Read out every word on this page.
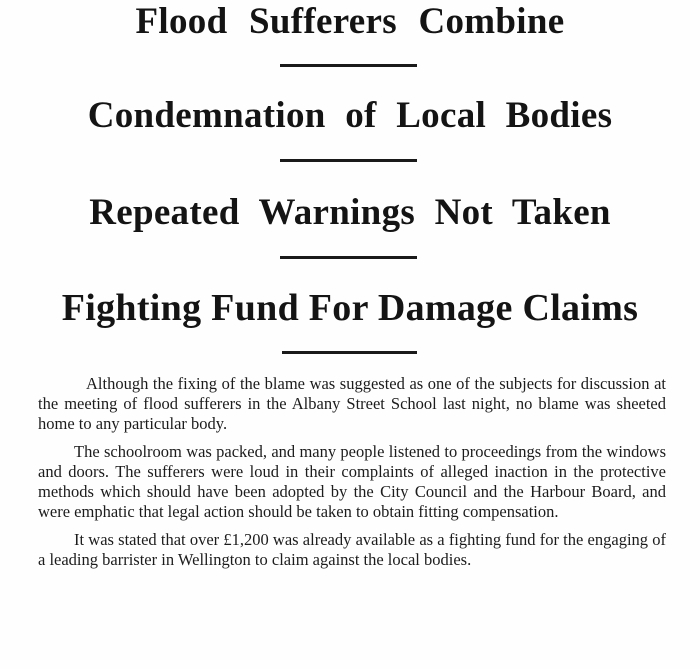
Flood Sufferers Combine
Condemnation of Local Bodies
Repeated Warnings Not Taken
Fighting Fund For Damage Claims

Although the fixing of the blame was suggested as one of the subjects for discussion at the meeting of flood sufferers in the Albany Street School last night, no blame was sheeted home to any particular body.

The schoolroom was packed, and many people listened to proceedings from the windows and doors. The sufferers were loud in their complaints of alleged inaction in the protective methods which should have been adopted by the City Council and the Harbour Board, and were emphatic that legal action should be taken to obtain fitting compensation.

It was stated that over £1,200 was already available as a fighting fund for the engaging of a leading barrister in Wellington to claim against the local bodies.
